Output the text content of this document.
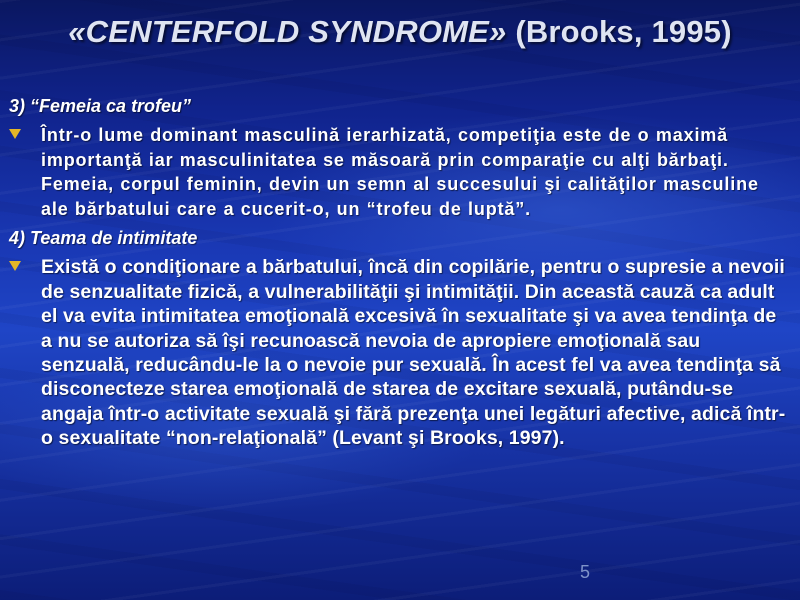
«CENTERFOLD SYNDROME» (Brooks, 1995)

3) “Femeia ca trofeu”

Într-o lume dominant masculină ierarhizată, competiţia este de o maximă importanţă iar masculinitatea se măsoară prin comparaţie cu alţi bărbaţi. Femeia, corpul feminin, devin un semn al succesului şi calităţilor masculine ale bărbatului care a cucerit-o, un “trofeu de luptă”.

4) Teama de intimitate

Există o condiţionare a bărbatului, încă din copilărie, pentru o supresie a nevoii de senzualitate fizică, a vulnerabilităţii şi intimităţii. Din această cauză ca adult el va evita intimitatea emoţională excesivă în sexualitate şi va avea tendinţa de a nu se autoriza să îşi recunoască nevoia de apropiere emoţională sau senzuală, reducându-le la o nevoie pur sexuală. În acest fel va avea tendinţa să disconecteze starea emoţională de starea de excitare sexuală, putându-se angaja într-o activitate sexuală şi fără prezenţa unei legături afective, adică într-o sexualitate “non-relaţională” (Levant şi Brooks, 1997).
5
